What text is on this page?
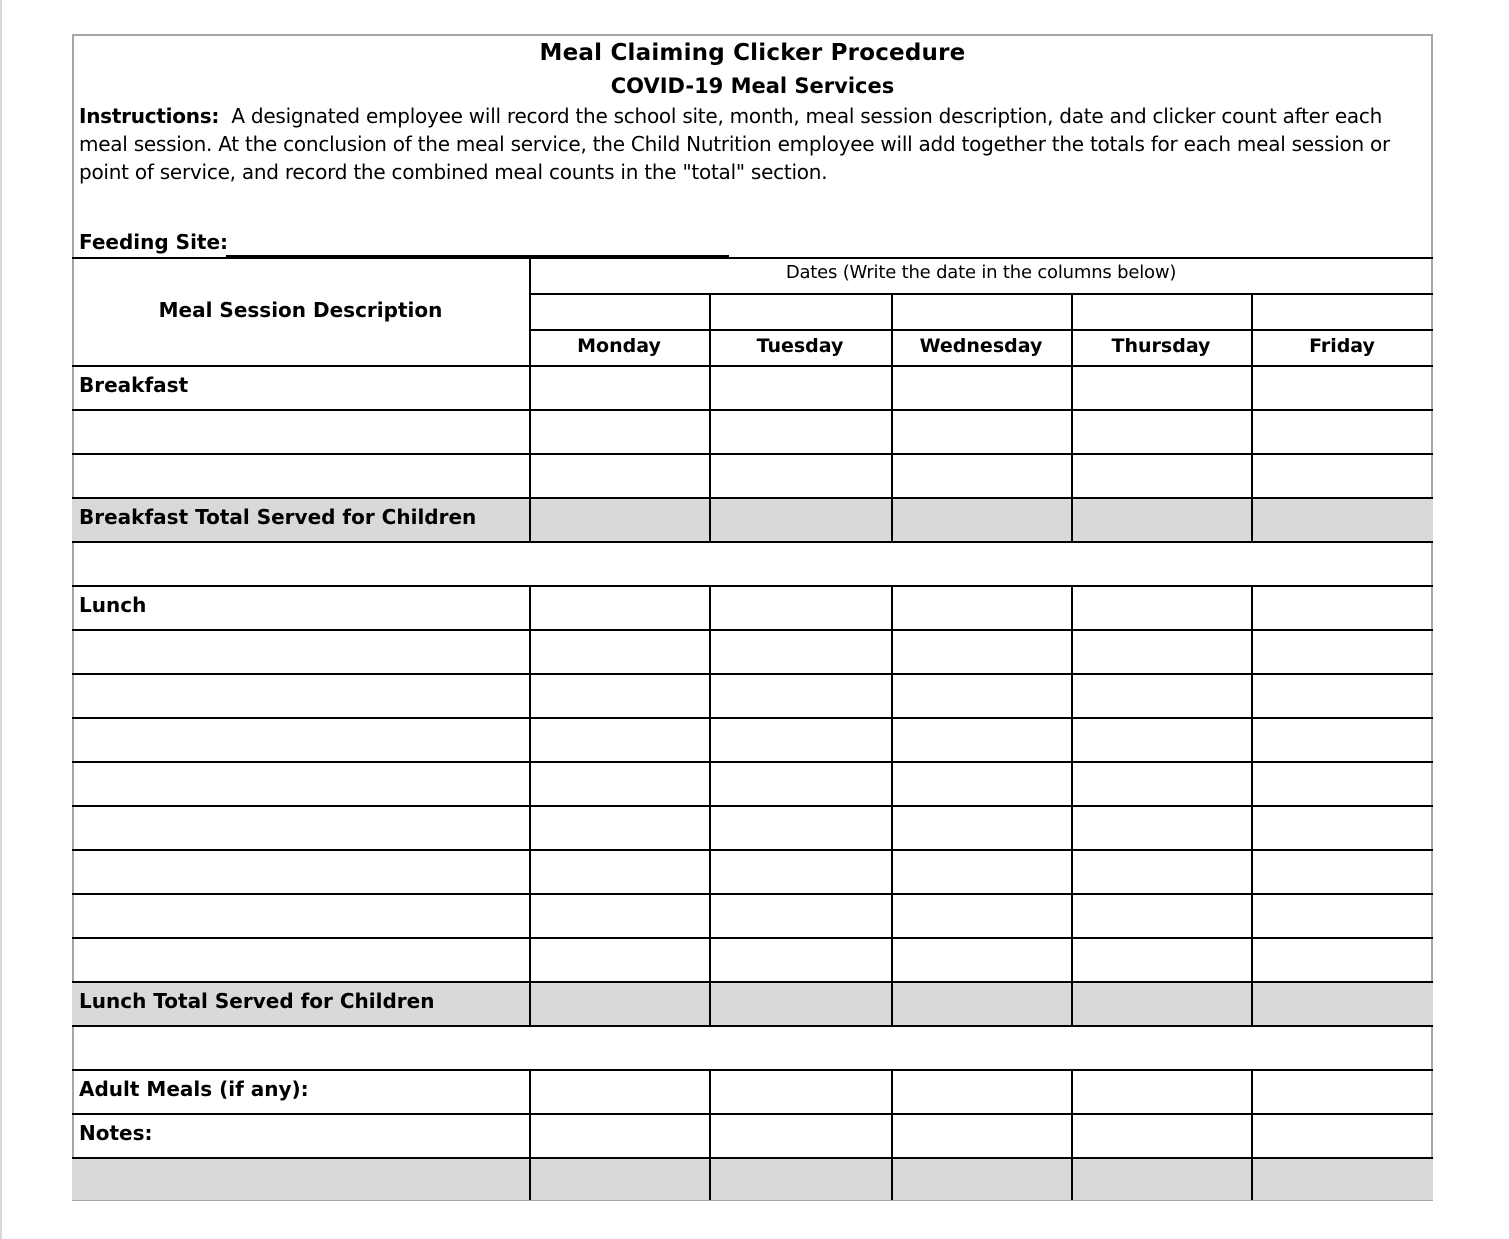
Meal Claiming Clicker Procedure
COVID-19 Meal Services
Instructions: A designated employee will record the school site, month, meal session description, date and clicker count after each meal session. At the conclusion of the meal service, the Child Nutrition employee will add together the totals for each meal session or point of service, and record the combined meal counts in the "total" section.
Feeding Site:
Dates (Write the date in the columns below)
Meal Session Description
Monday	Tuesday	Wednesday	Thursday	Friday
Breakfast
Breakfast Total Served for Children
Lunch
Lunch Total Served for Children
Adult Meals (if any):
Notes:
